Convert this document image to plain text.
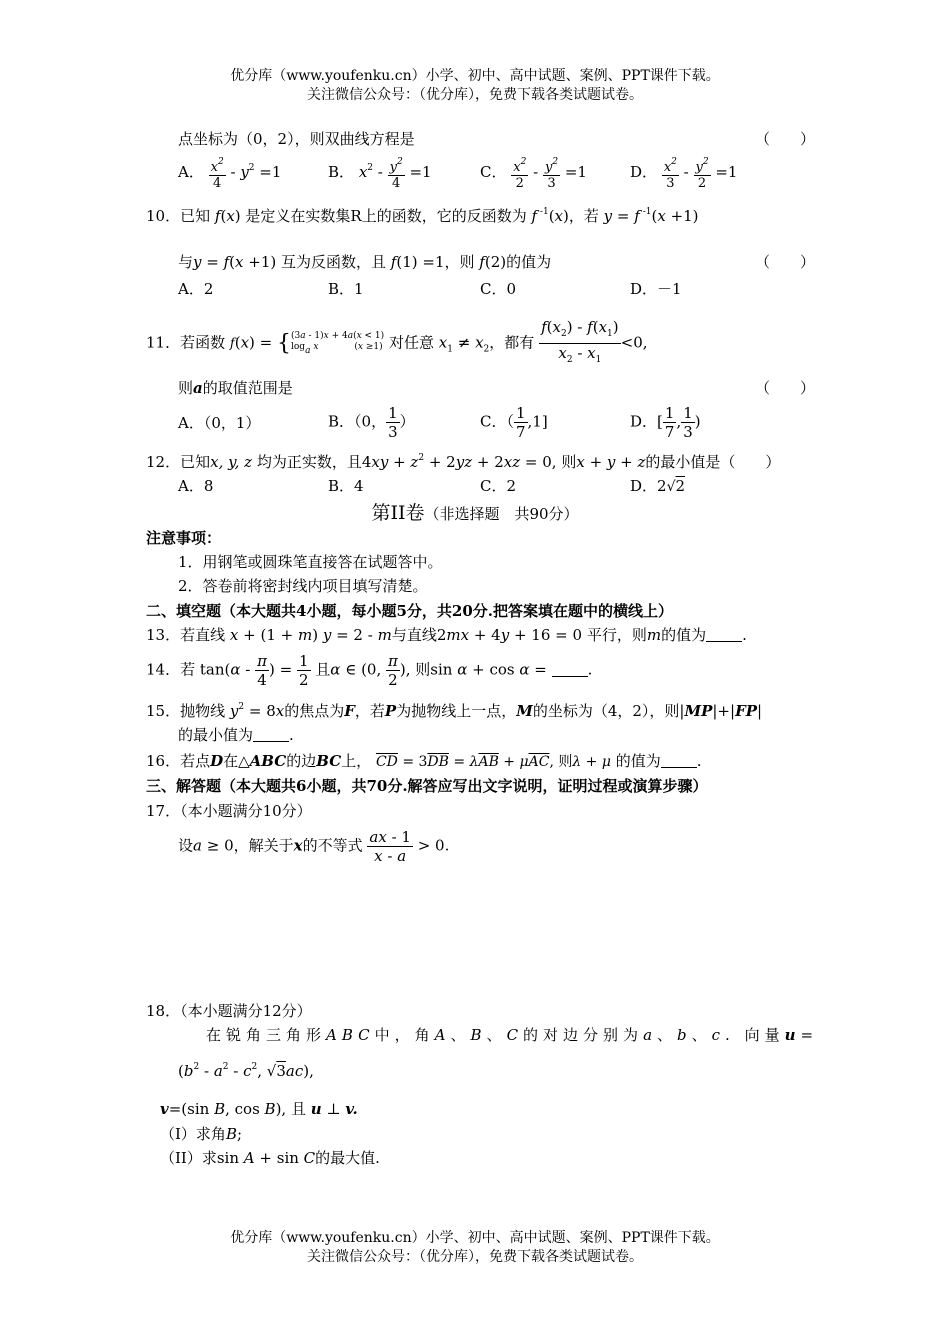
优分库（www.youfenku.cn）小学、初中、高中试题、案例、PPT课件下载。
关注微信公众号：（优分库），免费下载各类试题试卷。
点坐标为（0，2），则双曲线方程是	（　　）
A． $\frac{x^2}{4} - y^2 =1$	B． $x^2 - \frac{y^2}{4} =1$	C． $\frac{x^2}{2} - \frac{y^2}{3} =1$	D． $\frac{x^2}{3} - \frac{y^2}{2} =1$
10．已知 f(x) 是定义在实数集R上的函数，它的反函数为 f $^{-1}$(x)，若 y = f $^{-1}$(x +1)
与y = f(x +1) 互为反函数，且 f(1) =1，则 f(2)的值为	（　　）
A．2	B．1	C．0	D．－1
11．若函数 f(x) = {(3a - 1)x + 4a(x < 1)
loga x　　　　(x ≥1) 对任意 $x_1 \ne x_2$，都有 $\frac{f(x_2) - f(x_1)}{x_2 - x_1} <0$,
则a的取值范围是	（　　）
A．（0，1）	B．（0， $\frac{1}{3}$ ）	C．（ $\frac{1}{7} ,1$]	D．[ $\frac{1}{7}$ , $\frac{1}{3}$ )
12．已知x, y, z 均为正实数，且$4xy + z^2 + 2yz + 2xz = 0$, 则x + y + z的最小值是（　　）
A．8	B．4	C．2	D．2√2
第II卷（非选择题　共90分）
注意事项：
1．用钢笔或圆珠笔直接答在试题答中。
2．答卷前将密封线内项目填写清楚。
二、填空题（本大题共4小题，每小题5分，共20分.把答案填在题中的横线上）
13．若直线 x + (1 + m) y = 2 - m与直线2mx + 4y + 16 = 0 平行，则m的值为 .
14．若 $\tan(\alpha - \frac{\pi}{4}$ ) = $\frac{1}{2}$ 且α ∈ (0, $\frac{\pi}{2}$ ), 则sin α + cos α = .
15．抛物线 $y^2 = 8x$的焦点为F，若P为抛物线上一点，M的坐标为（4，2），则|MP|+|FP|
的最小值为 .
16．若点D在△ABC的边BC上， $\overline{CD} = 3\overline{DB} = \lambda\overline{AB} + \mu\overline{AC}$, 则λ + μ 的值为 .
三、解答题（本大题共6小题，共70分.解答应写出文字说明，证明过程或演算步骤）
17．（本小题满分10分）
设a ≥ 0，解关于x的不等式 $\frac{ax - 1}{x - a} > 0$.
18．（本小题满分12分）
在锐角三角形ABC中，角A、B、C的对边分别为a、b、c. 向量u=
($b^2 - a^2 - c^2$, √3ac),
v=(sin B, cos B), 且 u ⊥ v.
（I）求角B;
（II）求sin A + sin C的最大值.
优分库（www.youfenku.cn）小学、初中、高中试题、案例、PPT课件下载。
关注微信公众号：（优分库），免费下载各类试题试卷。
